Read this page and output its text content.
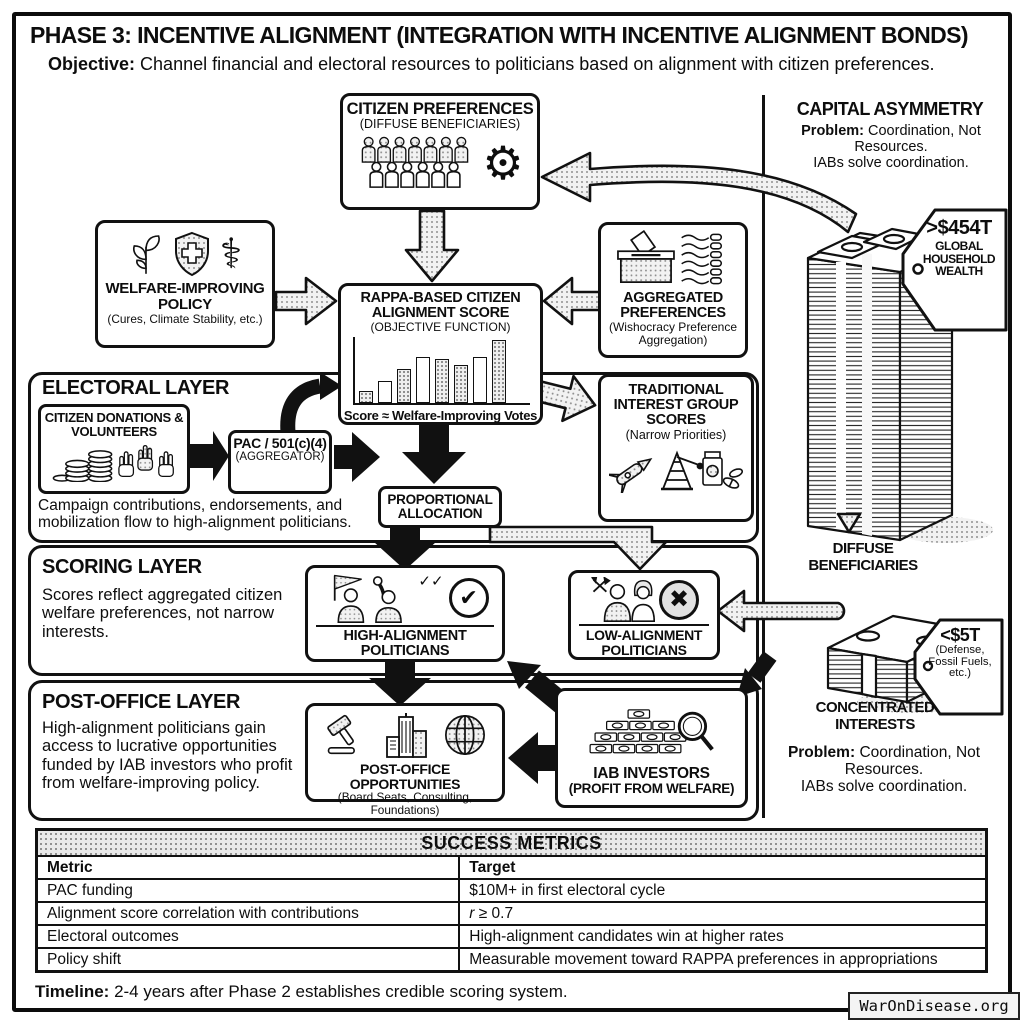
PHASE 3: INCENTIVE ALIGNMENT (INTEGRATION WITH INCENTIVE ALIGNMENT BONDS)
Objective: Channel financial and electoral resources to politicians based on alignment with citizen preferences.
CITIZEN PREFERENCES
(DIFFUSE BENEFICIARIES)
⚙
⚕
WELFARE-IMPROVING POLICY
(Cures, Climate Stability, etc.)
RAPPA-BASED CITIZEN ALIGNMENT SCORE
(OBJECTIVE FUNCTION)
Score ≈ Welfare-Improving Votes
AGGREGATED PREFERENCES
(Wishocracy Preference Aggregation)
ELECTORAL LAYER
CITIZEN DONATIONS & VOLUNTEERS
PAC / 501(c)(4)
(AGGREGATOR)
Campaign contributions, endorsements, and mobilization flow to high-alignment politicians.
TRADITIONAL INTEREST GROUP SCORES
(Narrow Priorities)
PROPORTIONAL ALLOCATION
SCORING LAYER
Scores reflect aggregated citizen welfare preferences, not narrow interests.
✓✓
✔
HIGH-ALIGNMENT POLITICIANS
✖
LOW-ALIGNMENT POLITICIANS
POST-OFFICE LAYER
High-alignment politicians gain access to lucrative opportunities funded by IAB investors who profit from welfare-improving policy.
POST-OFFICE OPPORTUNITIES
(Board Seats, Consulting, Foundations)
IAB INVESTORS
(PROFIT FROM WELFARE)
CAPITAL ASYMMETRY
Problem: Coordination, Not Resources.
IABs solve coordination.
>$454T
GLOBAL HOUSEHOLD WEALTH
DIFFUSE BENEFICIARIES
<$5T
(Defense, Fossil Fuels, etc.)
CONCENTRATED INTERESTS
Problem: Coordination, Not Resources.
IABs solve coordination.
SUCCESS METRICS	
Metric	Target
PAC funding	$10M+ in first electoral cycle
Alignment score correlation with contributions	r ≥ 0.7

Electoral outcomes	High-alignment candidates win at higher rates
Policy shift	Measurable movement toward RAPPA preferences in appropriations
Timeline: 2-4 years after Phase 2 establishes credible scoring system.
WarOnDisease.org
